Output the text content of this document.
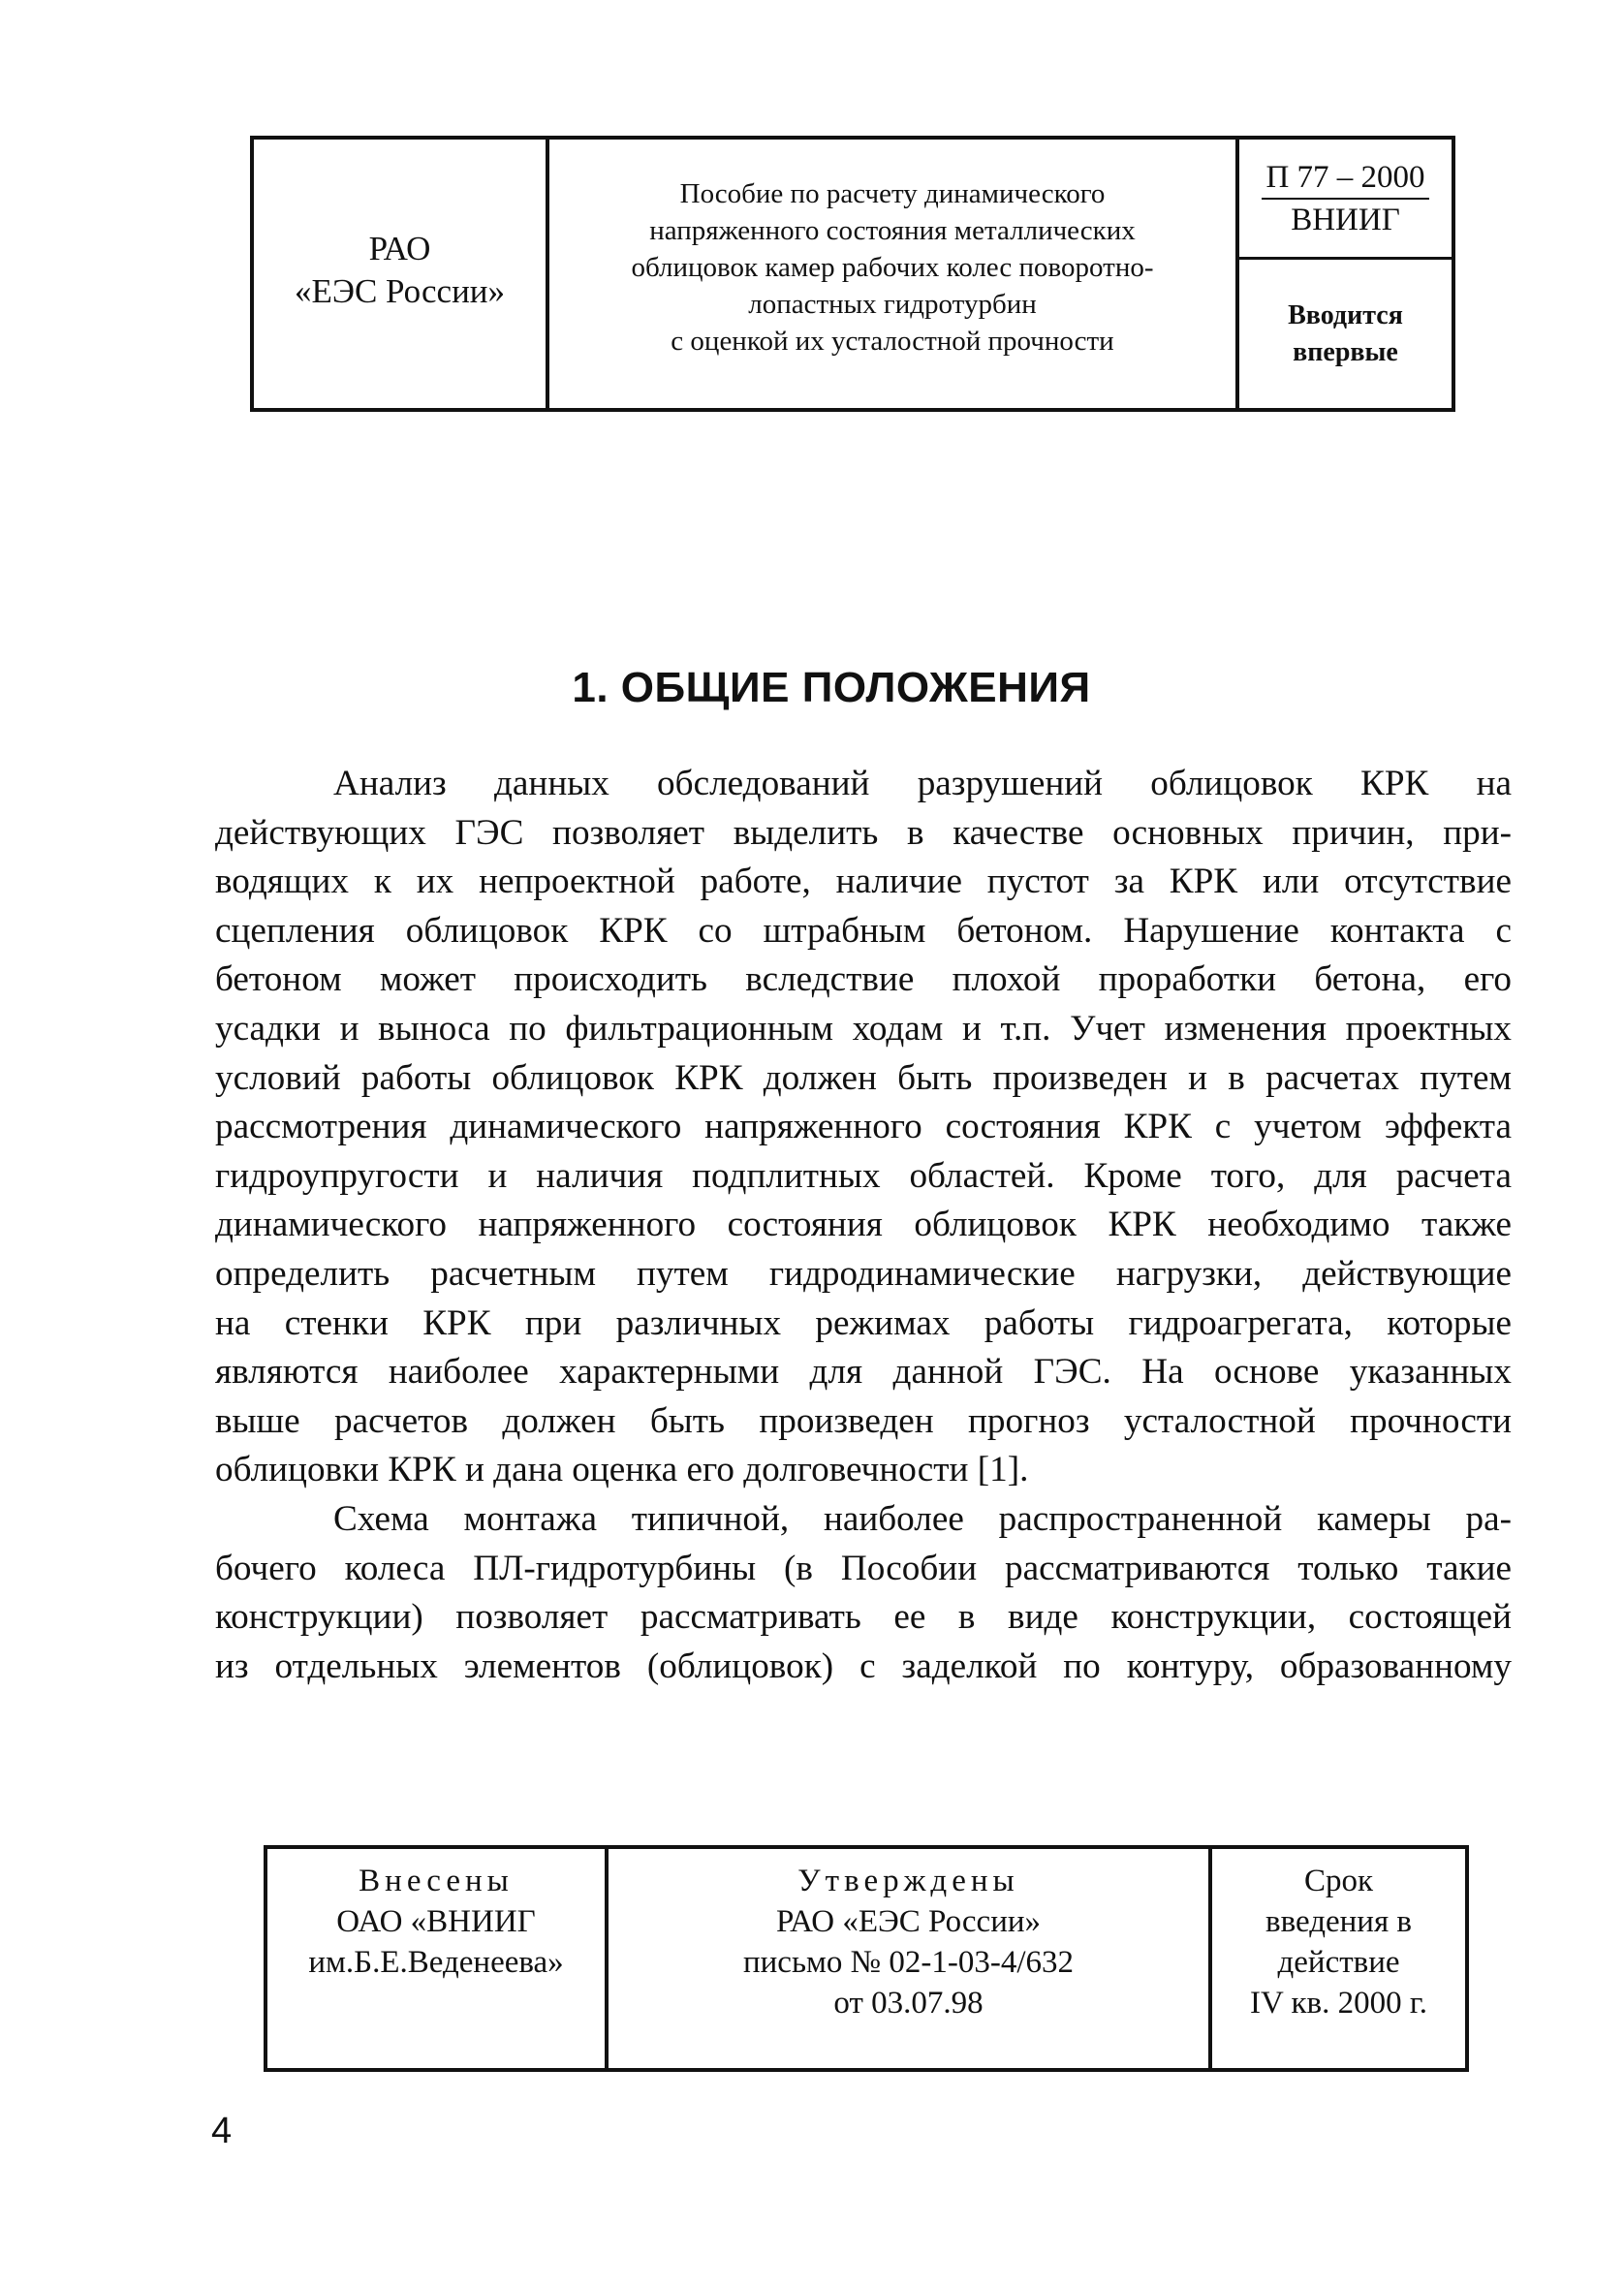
РАО
«ЕЭС России»
Пособие по расчету динамического
напряженного состояния металлических
облицовок камер рабочих колес поворотно-
лопастных гидротурбин
с оценкой их усталостной прочности
П 77 – 2000
ВНИИГ
Вводится
впервые
1. ОБЩИЕ ПОЛОЖЕНИЯ
Анализ данных обследований разрушений облицовок КРК на
действующих ГЭС позволяет выделить в качестве основных причин, при-
водящих к их непроектной работе, наличие пустот за КРК или отсутствие
сцепления облицовок КРК со штрабным бетоном. Нарушение контакта с
бетоном может происходить вследствие плохой проработки бетона, его
усадки и выноса по фильтрационным ходам и т.п. Учет изменения проектных
условий работы облицовок КРК должен быть произведен и в расчетах путем
рассмотрения динамического напряженного состояния КРК с учетом эффекта
гидроупругости и наличия подплитных областей. Кроме того, для расчета
динамического напряженного состояния облицовок КРК необходимо также
определить расчетным путем гидродинамические нагрузки, действующие
на стенки КРК при различных режимах работы гидроагрегата, которые
являются наиболее характерными для данной ГЭС. На основе указанных
выше расчетов должен быть произведен прогноз усталостной прочности
облицовки КРК и дана оценка его долговечности [1].
Схема монтажа типичной, наиболее распространенной камеры ра-
бочего колеса ПЛ-гидротурбины (в Пособии рассматриваются только такие
конструкции) позволяет рассматривать ее в виде конструкции, состоящей
из отдельных элементов (облицовок) с заделкой по контуру, образованному
Внесены
ОАО «ВНИИГ
им.Б.Е.Веденеева»
Утверждены
РАО «ЕЭС России»
письмо № 02-1-03-4/632
от 03.07.98
Срок
введения в
действие
IV кв. 2000 г.
4
